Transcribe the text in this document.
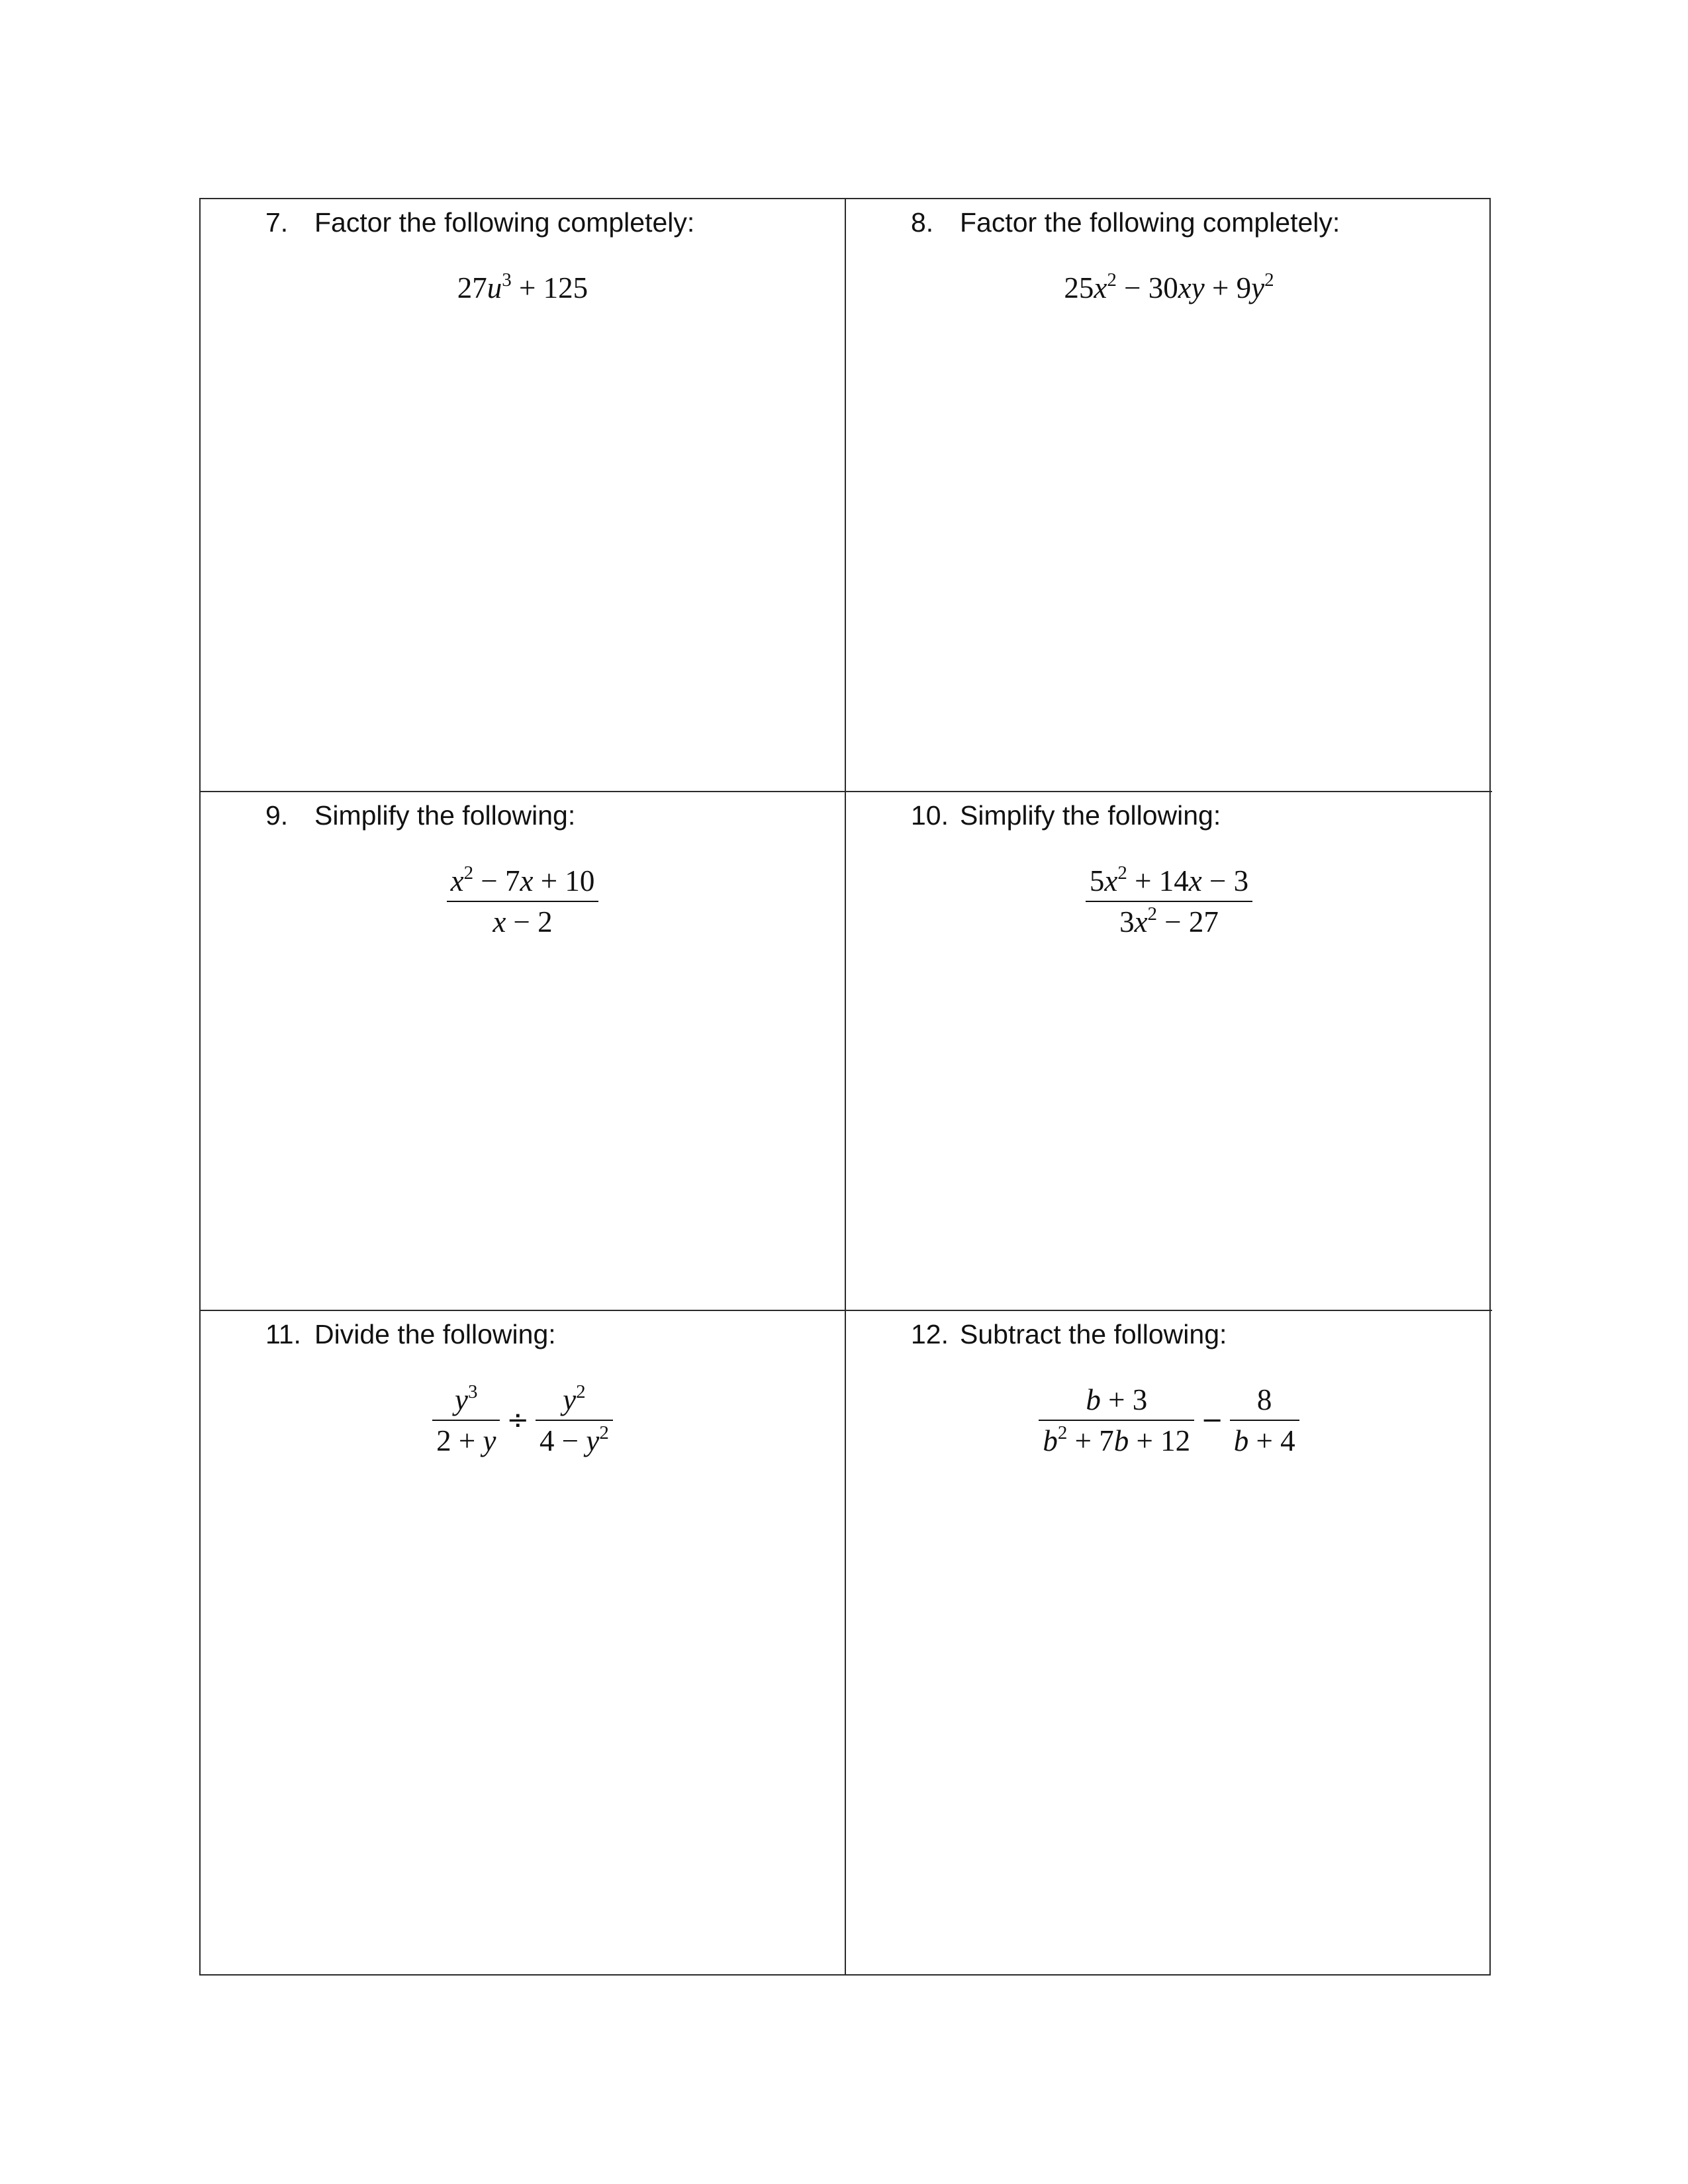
7. Factor the following completely:
$27u^3 + 125$
8. Factor the following completely:
$25x^2 - 30xy + 9y^2$
9. Simplify the following:
$\frac{x^2 - 7x + 10}{x - 2}$
10. Simplify the following:
$\frac{5x^2 + 14x - 3}{3x^2 - 27}$
11. Divide the following:
$\frac{y^3}{2 + y} \div \frac{y^2}{4 - y^2}$
12. Subtract the following:
$\frac{b + 3}{b^2 + 7b + 12} - \frac{8}{b + 4}$
